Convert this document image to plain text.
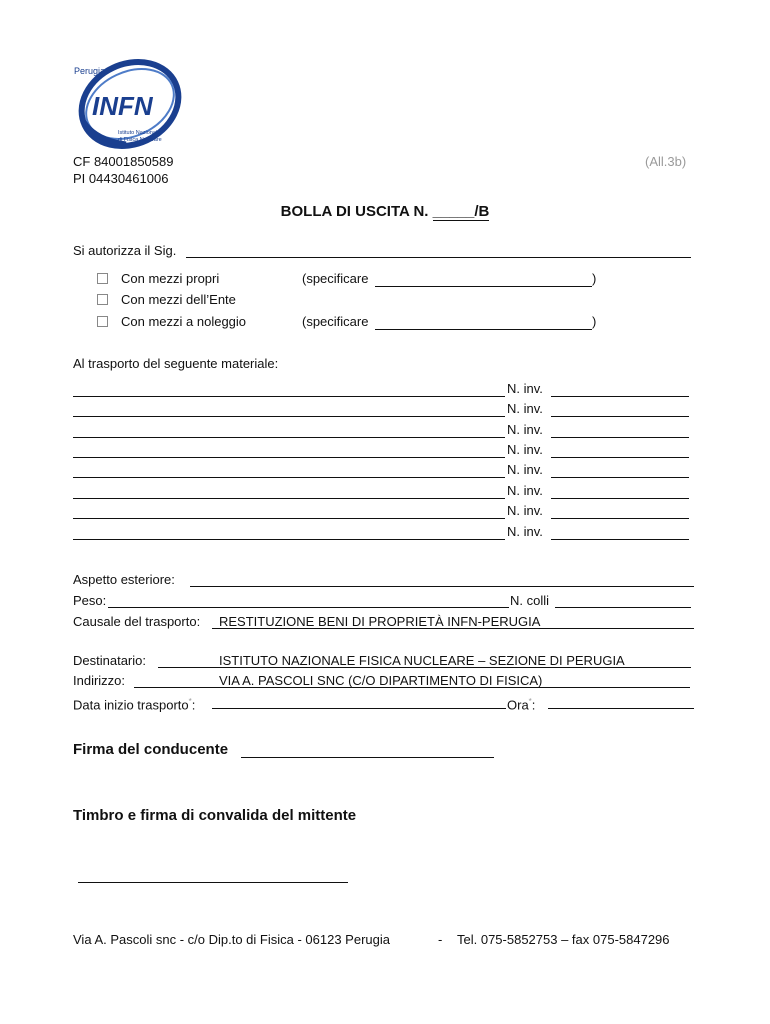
Perugia
INFN
Istituto Nazionale
di Fisica Nucleare
CF 84001850589
PI 04430461006
(All.3b)
BOLLA DI USCITA N. _____/B
Si autorizza il Sig.
Con mezzi propri	(specificare	)
Con mezzi dell’Ente
Con mezzi a noleggio	(specificare	)
Al trasporto del seguente materiale:
N. inv.
N. inv.
N. inv.
N. inv.
N. inv.
N. inv.
N. inv.
N. inv.
Aspetto esteriore:
Peso:	N. colli
Causale del trasporto: RESTITUZIONE BENI DI PROPRIETÀ INFN-PERUGIA
Destinatario:	ISTITUTO NAZIONALE FISICA NUCLEARE – SEZIONE DI PERUGIA
Indirizzo:	VIA A. PASCOLI SNC (C/O DIPARTIMENTO DI FISICA)
Data inizio trasporto*:	Ora*:
Firma del conducente
Timbro e firma di convalida del mittente
Via A. Pascoli snc - c/o Dip.to di Fisica - 06123 Perugia	- Tel. 075-5852753 – fax 075-5847296
